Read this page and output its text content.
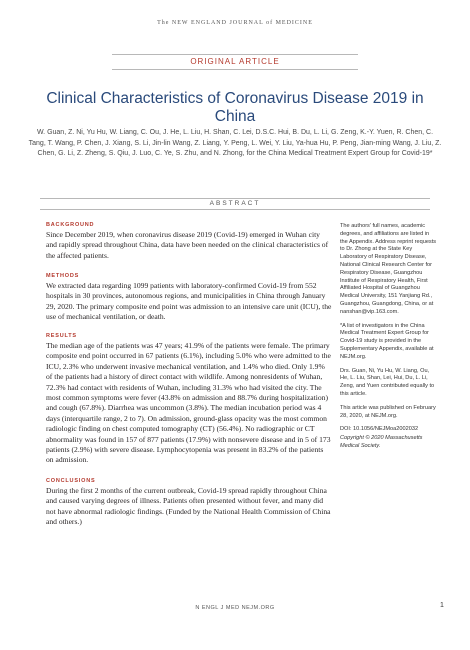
The NEW ENGLAND JOURNAL of MEDICINE
ORIGINAL ARTICLE
Clinical Characteristics of Coronavirus Disease 2019 in China
W. Guan, Z. Ni, Yu Hu, W. Liang, C. Ou, J. He, L. Liu, H. Shan, C. Lei, D.S.C. Hui, B. Du, L. Li, G. Zeng, K.-Y. Yuen, R. Chen, C. Tang, T. Wang, P. Chen, J. Xiang, S. Li, Jin-lin Wang, Z. Liang, Y. Peng, L. Wei, Y. Liu, Ya-hua Hu, P. Peng, Jian-ming Wang, J. Liu, Z. Chen, G. Li, Z. Zheng, S. Qiu, J. Luo, C. Ye, S. Zhu, and N. Zhong, for the China Medical Treatment Expert Group for Covid-19*
ABSTRACT

BACKGROUND

Since December 2019, when coronavirus disease 2019 (Covid-19) emerged in Wuhan city and rapidly spread throughout China, data have been needed on the clinical characteristics of the affected patients.

METHODS

We extracted data regarding 1099 patients with laboratory-confirmed Covid-19 from 552 hospitals in 30 provinces, autonomous regions, and municipalities in China through January 29, 2020. The primary composite end point was admission to an intensive care unit (ICU), the use of mechanical ventilation, or death.

RESULTS

The median age of the patients was 47 years; 41.9% of the patients were female. The primary composite end point occurred in 67 patients (6.1%), including 5.0% who were admitted to the ICU, 2.3% who underwent invasive mechanical ventilation, and 1.4% who died. Only 1.9% of the patients had a history of direct contact with wildlife. Among nonresidents of Wuhan, 72.3% had contact with residents of Wuhan, including 31.3% who had visited the city. The most common symptoms were fever (43.8% on admission and 88.7% during hospitalization) and cough (67.8%). Diarrhea was uncommon (3.8%). The median incubation period was 4 days (interquartile range, 2 to 7). On admission, ground-glass opacity was the most common radiologic finding on chest computed tomography (CT) (56.4%). No radiographic or CT abnormality was found in 157 of 877 patients (17.9%) with nonsevere disease and in 5 of 173 patients (2.9%) with severe disease. Lymphocytopenia was present in 83.2% of the patients on admission.

CONCLUSIONS

During the first 2 months of the current outbreak, Covid-19 spread rapidly throughout China and caused varying degrees of illness. Patients often presented without fever, and many did not have abnormal radiologic findings. (Funded by the National Health Commission of China and others.)

The authors' full names, academic degrees, and affiliations are listed in the Appendix. Address reprint requests to Dr. Zhong at the State Key Laboratory of Respiratory Disease, National Clinical Research Center for Respiratory Disease, Guangzhou Institute of Respiratory Health, First Affiliated Hospital of Guangzhou Medical University, 151 Yanjiang Rd., Guangzhou, Guangdong, China, or at nanshan@vip.163.com.

*A list of investigators in the China Medical Treatment Expert Group for Covid-19 study is provided in the Supplementary Appendix, available at NEJM.org.

Drs. Guan, Ni, Yu Hu, W. Liang, Ou, He, L. Liu, Shan, Lei, Hui, Du, L. Li, Zeng, and Yuen contributed equally to this article.

This article was published on February 28, 2020, at NEJM.org.

DOI: 10.1056/NEJMoa2002032

Copyright © 2020 Massachusetts Medical Society.

N ENGL J MED NEJM.ORG	1
